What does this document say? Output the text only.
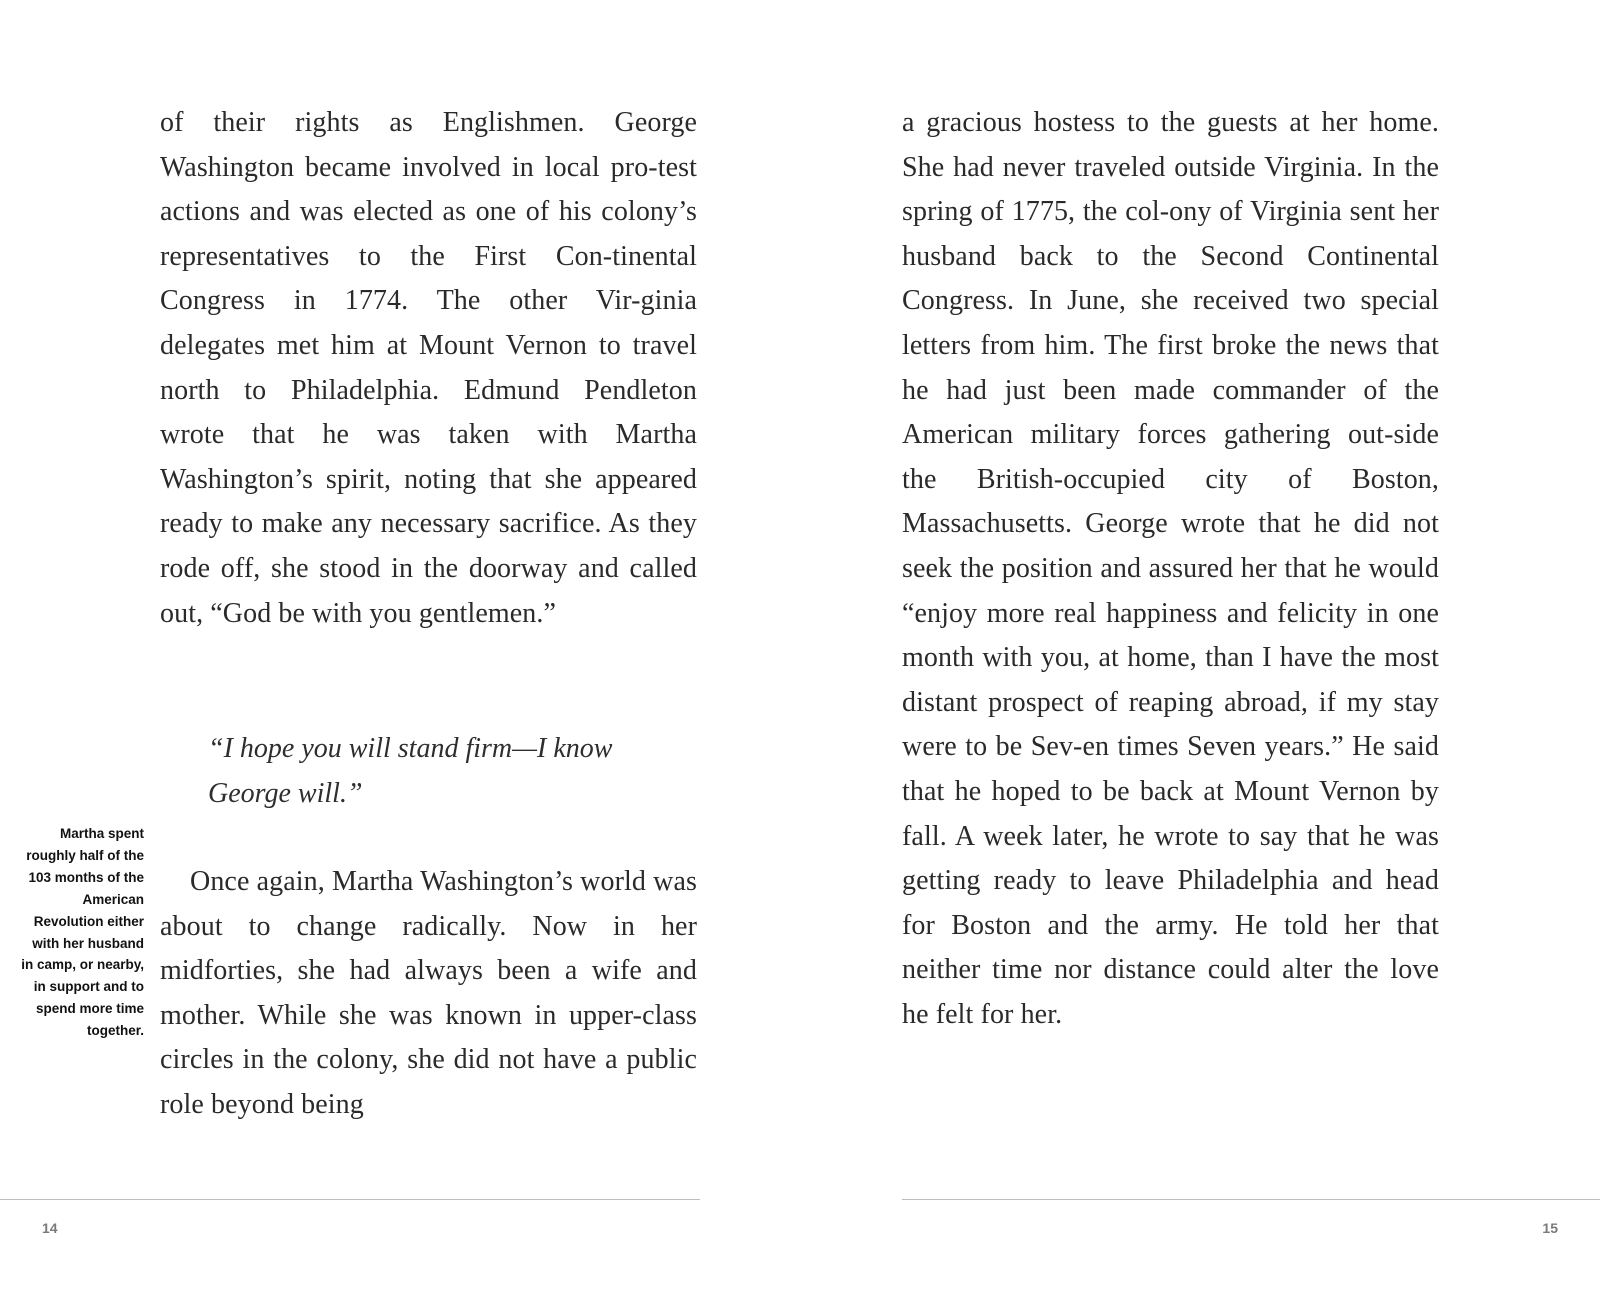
of their rights as Englishmen. George Washington became involved in local pro-test actions and was elected as one of his colony’s representatives to the First Con-tinental Congress in 1774. The other Vir-ginia delegates met him at Mount Vernon to travel north to Philadelphia. Edmund Pendleton wrote that he was taken with Martha Washington’s spirit, noting that she appeared ready to make any necessary sacrifice. As they rode off, she stood in the doorway and called out, “God be with you gentlemen.”

“I hope you will stand firm—I know George will.”
Martha spent roughly half of the 103 months of the American Revolution either with her husband in camp, or nearby, in support and to spend more time together.

Once again, Martha Washington’s world was about to change radically. Now in her midforties, she had always been a wife and mother. While she was known in upper-class circles in the colony, she did not have a public role beyond being

14

a gracious hostess to the guests at her home. She had never traveled outside Virginia. In the spring of 1775, the col-ony of Virginia sent her husband back to the Second Continental Congress. In June, she received two special letters from him. The first broke the news that he had just been made commander of the American military forces gathering out-side the British-occupied city of Boston, Massachusetts. George wrote that he did not seek the position and assured her that he would “enjoy more real happiness and felicity in one month with you, at home, than I have the most distant prospect of reaping abroad, if my stay were to be Sev-en times Seven years.” He said that he hoped to be back at Mount Vernon by fall. A week later, he wrote to say that he was getting ready to leave Philadelphia and head for Boston and the army. He told her that neither time nor distance could alter the love he felt for her.

15
